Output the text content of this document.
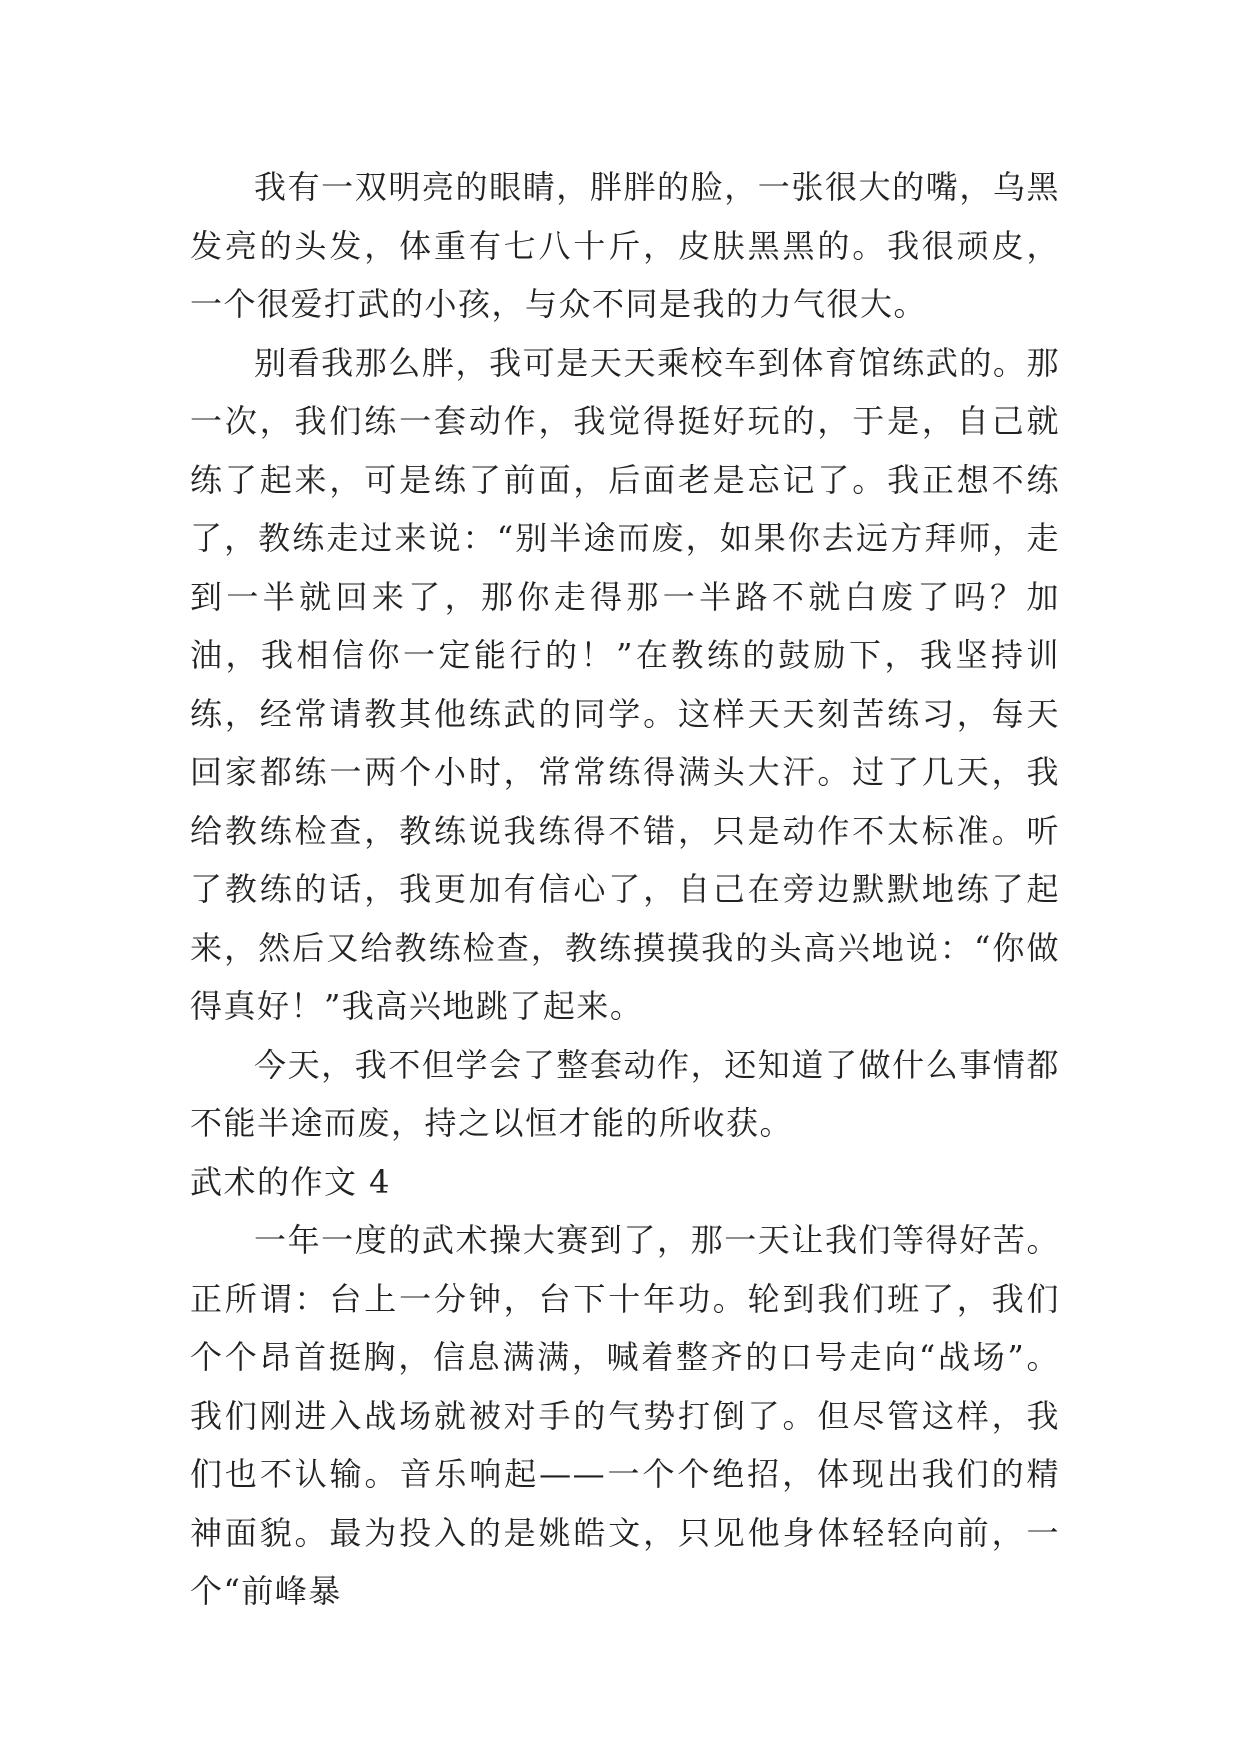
我有一双明亮的眼睛，胖胖的脸，一张很大的嘴，乌黑发亮的头发，体重有七八十斤，皮肤黑黑的。我很顽皮，一个很爱打武的小孩，与众不同是我的力气很大。

别看我那么胖，我可是天天乘校车到体育馆练武的。那一次，我们练一套动作，我觉得挺好玩的，于是，自己就练了起来，可是练了前面，后面老是忘记了。我正想不练了，教练走过来说：“别半途而废，如果你去远方拜师，走到一半就回来了，那你走得那一半路不就白废了吗？加油，我相信你一定能行的！”在教练的鼓励下，我坚持训练，经常请教其他练武的同学。这样天天刻苦练习，每天回家都练一两个小时，常常练得满头大汗。过了几天，我给教练检查，教练说我练得不错，只是动作不太标准。听了教练的话，我更加有信心了，自己在旁边默默地练了起来，然后又给教练检查，教练摸摸我的头高兴地说：“你做得真好！”我高兴地跳了起来。

今天，我不但学会了整套动作，还知道了做什么事情都不能半途而废，持之以恒才能的所收获。

武术的作文 4

一年一度的武术操大赛到了，那一天让我们等得好苦。正所谓：台上一分钟，台下十年功。轮到我们班了，我们个个昂首挺胸，信息满满，喊着整齐的口号走向“战场”。我们刚进入战场就被对手的气势打倒了。但尽管这样，我们也不认输。音乐响起——一个个绝招，体现出我们的精神面貌。最为投入的是姚皓文，只见他身体轻轻向前，一个“前峰暴
